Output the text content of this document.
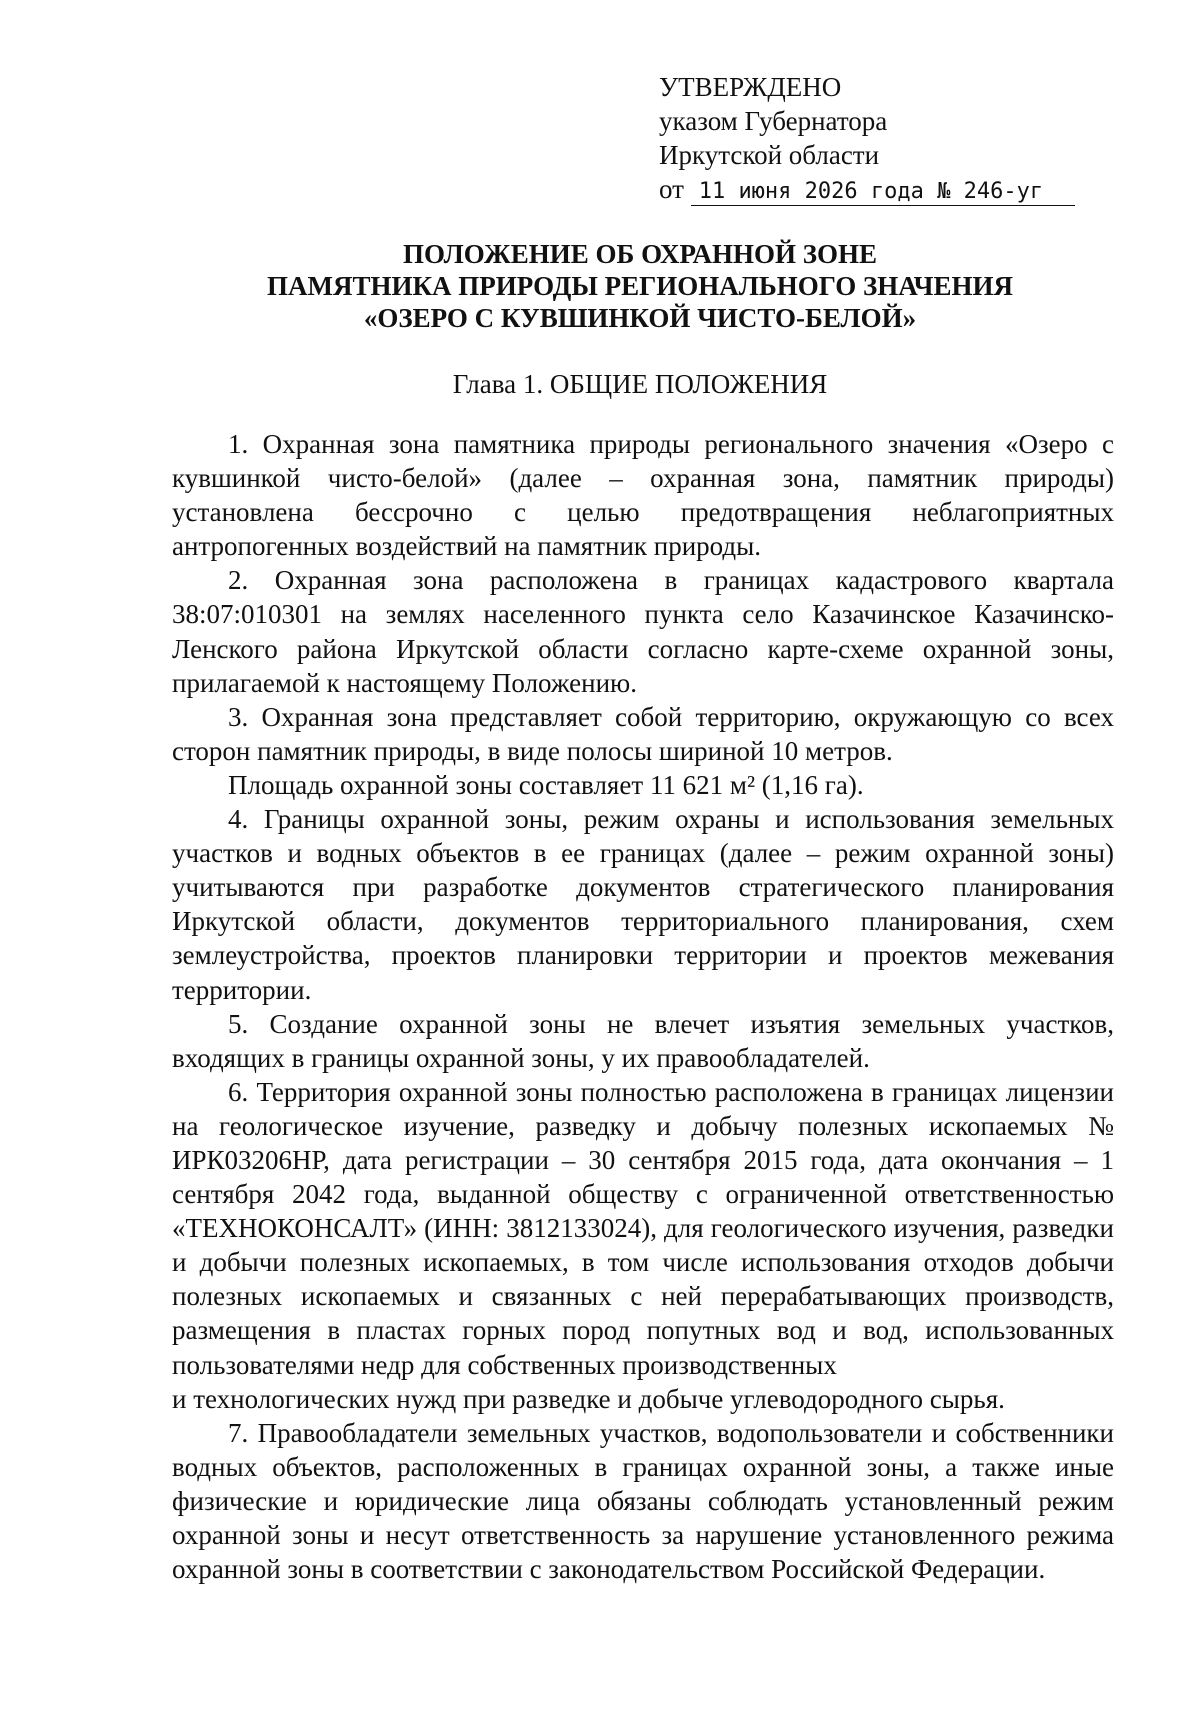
УТВЕРЖДЕНО
указом Губернатора
Иркутской области
от 11 июня 2026 года № 246-уг
ПОЛОЖЕНИЕ ОБ ОХРАННОЙ ЗОНЕ
ПАМЯТНИКА ПРИРОДЫ РЕГИОНАЛЬНОГО ЗНАЧЕНИЯ
«ОЗЕРО С КУВШИНКОЙ ЧИСТО-БЕЛОЙ»
Глава 1. ОБЩИЕ ПОЛОЖЕНИЯ

1. Охранная зона памятника природы регионального значения «Озеро с кувшинкой чисто-белой» (далее – охранная зона, памятник природы) установлена бессрочно с целью предотвращения неблагоприятных антропогенных воздействий на памятник природы.

2. Охранная зона расположена в границах кадастрового квартала 38:07:010301 на землях населенного пункта село Казачинское Казачинско-Ленского района Иркутской области согласно карте-схеме охранной зоны, прилагаемой к настоящему Положению.

3. Охранная зона представляет собой территорию, окружающую со всех сторон памятник природы, в виде полосы шириной 10 метров.

Площадь охранной зоны составляет 11 621 м² (1,16 га).

4. Границы охранной зоны, режим охраны и использования земельных участков и водных объектов в ее границах (далее – режим охранной зоны) учитываются при разработке документов стратегического планирования Иркутской области, документов территориального планирования, схем землеустройства, проектов планировки территории и проектов межевания территории.

5. Создание охранной зоны не влечет изъятия земельных участков, входящих в границы охранной зоны, у их правообладателей.

6. Территория охранной зоны полностью расположена в границах лицензии на геологическое изучение, разведку и добычу полезных ископаемых № ИРК03206НР, дата регистрации – 30 сентября 2015 года, дата окончания – 1 сентября 2042 года, выданной обществу с ограниченной ответственностью «ТЕХНОКОНСАЛТ» (ИНН: 3812133024), для геологического изучения, разведки и добычи полезных ископаемых, в том числе использования отходов добычи полезных ископаемых и связанных с ней перерабатывающих производств, размещения в пластах горных пород попутных вод и вод, использованных пользователями недр для собственных производственных

и технологических нужд при разведке и добыче углеводородного сырья.

7. Правообладатели земельных участков, водопользователи и собственники водных объектов, расположенных в границах охранной зоны, а также иные физические и юридические лица обязаны соблюдать установленный режим охранной зоны и несут ответственность за нарушение установленного режима охранной зоны в соответствии с законодательством Российской Федерации.
